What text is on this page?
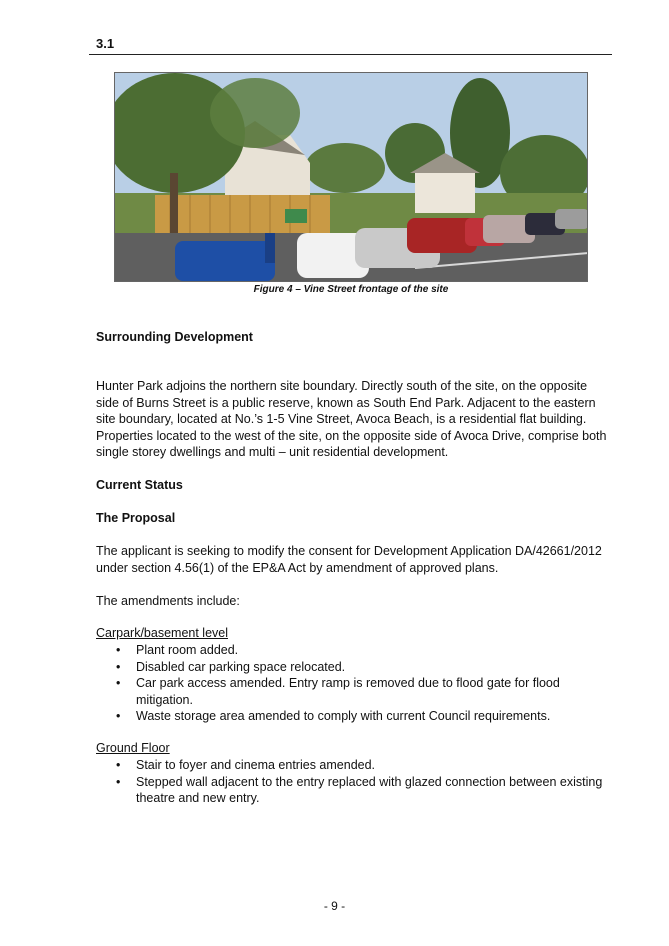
3.1
Figure 4 – Vine Street frontage of the site
Surrounding Development

Hunter Park adjoins the northern site boundary. Directly south of the site, on the opposite side of Burns Street is a public reserve, known as South End Park. Adjacent to the eastern site boundary, located at No.’s 1-5 Vine Street, Avoca Beach, is a residential flat building. Properties located to the west of the site, on the opposite side of Avoca Drive, comprise both single storey dwellings and multi – unit residential development.

Current Status
The Proposal

The applicant is seeking to modify the consent for Development Application DA/42661/2012 under section 4.56(1) of the EP&A Act by amendment of approved plans.

The amendments include:
Carpark/basement level
• Plant room added.
• Disabled car parking space relocated.
• Car park access amended. Entry ramp is removed due to flood gate for flood mitigation.
• Waste storage area amended to comply with current Council requirements.
Ground Floor
• Stair to foyer and cinema entries amended.
• Stepped wall adjacent to the entry replaced with glazed connection between existing theatre and new entry.
- 9 -
